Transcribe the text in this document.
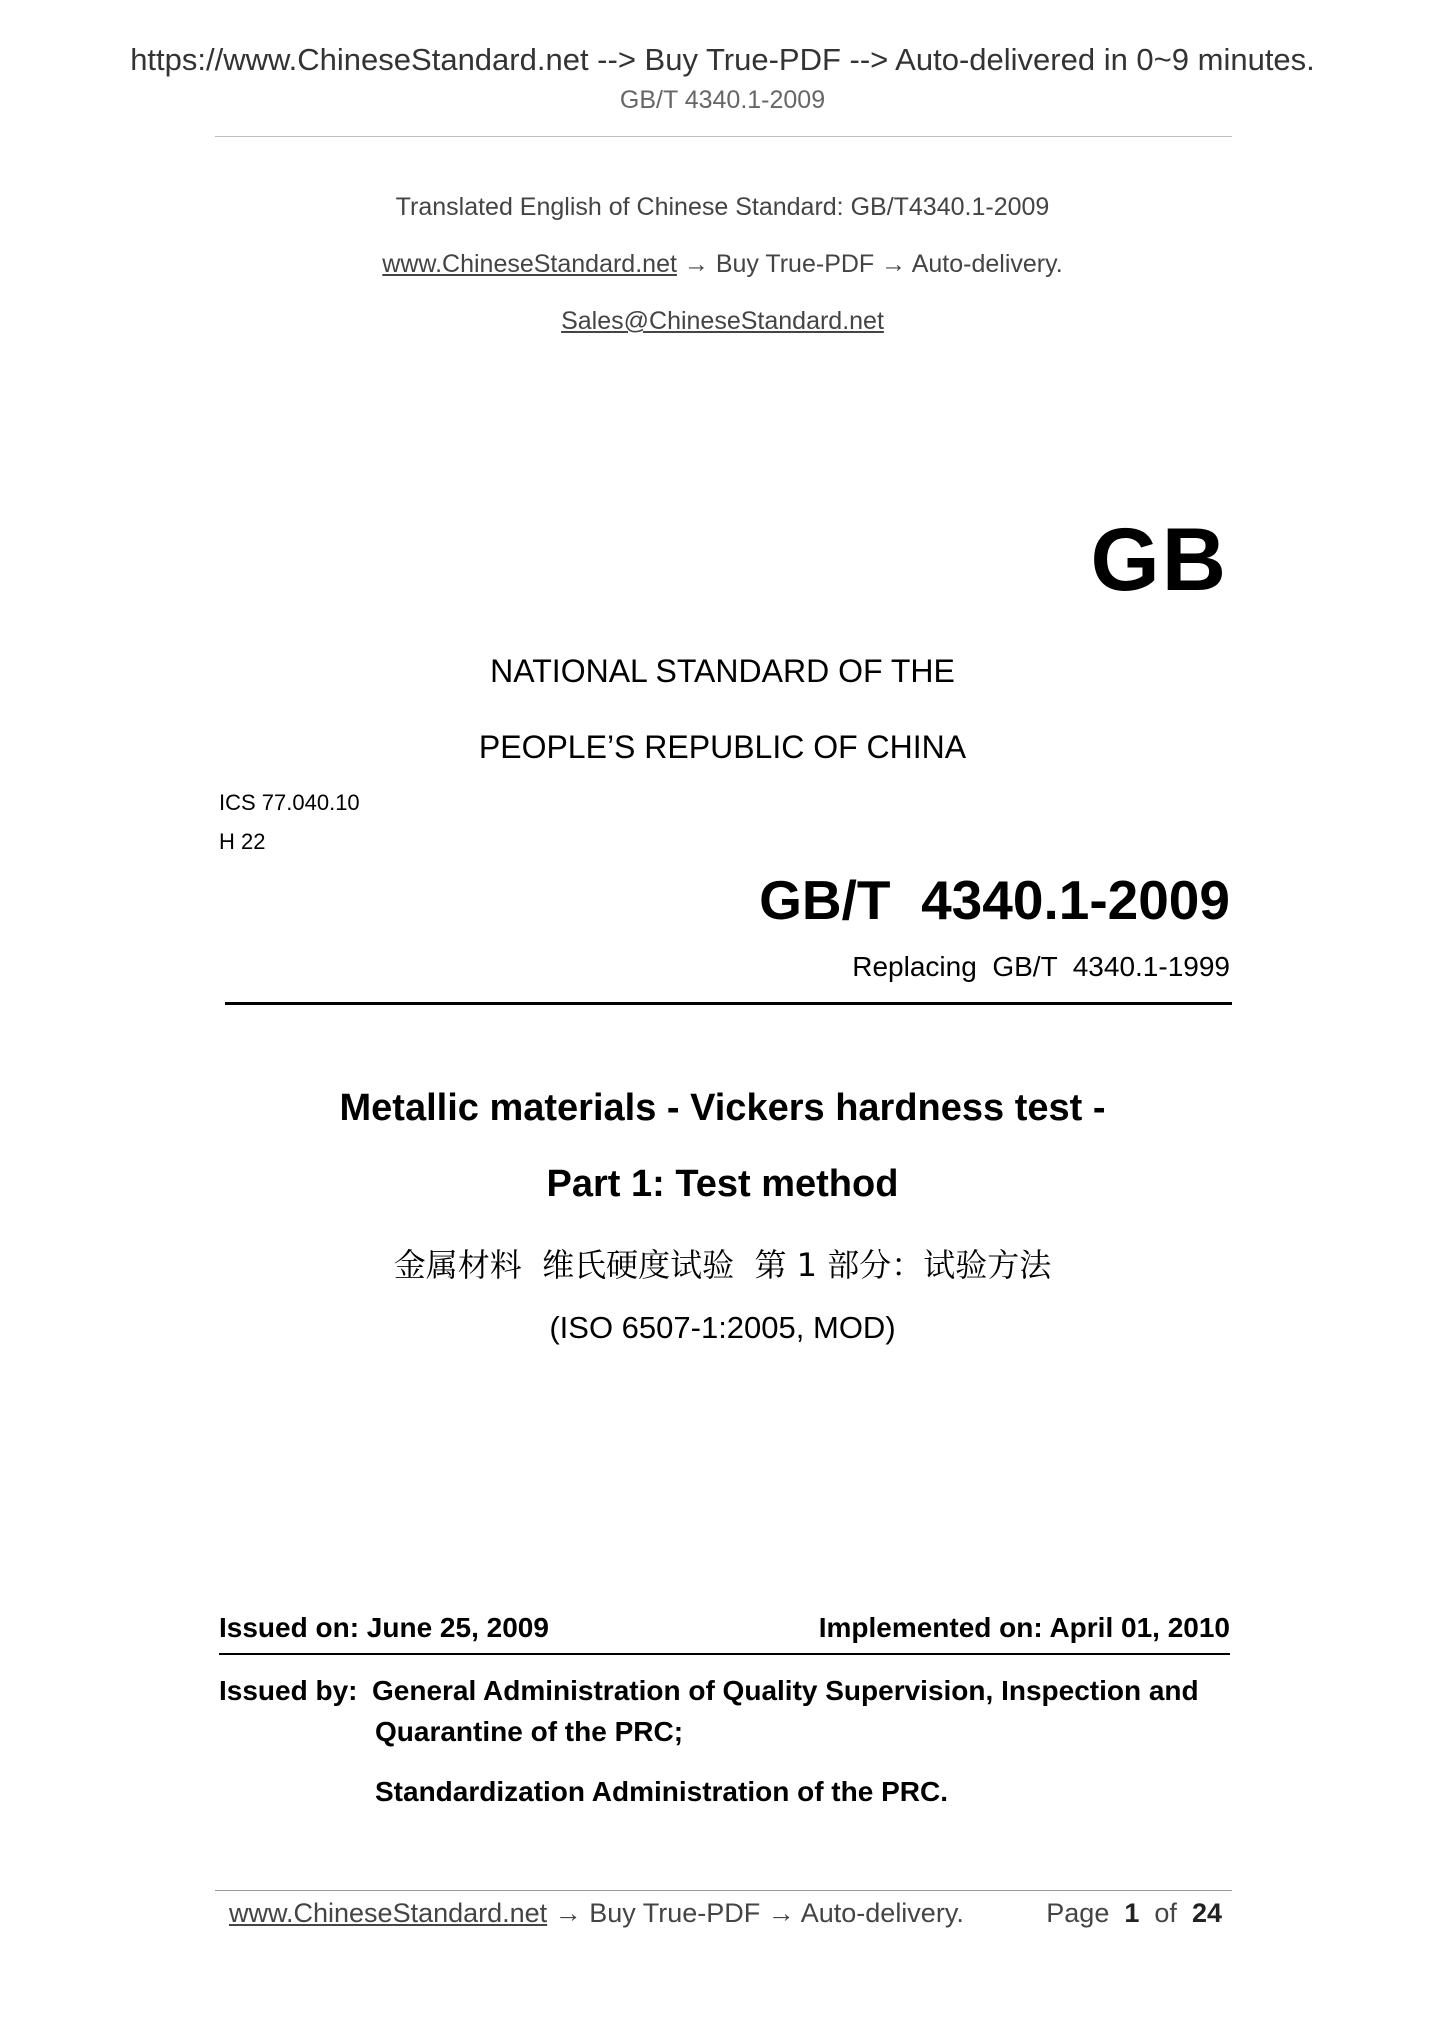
https://www.ChineseStandard.net --> Buy True-PDF --> Auto-delivered in 0~9 minutes.
GB/T 4340.1-2009
Translated English of Chinese Standard: GB/T4340.1-2009
www.ChineseStandard.net → Buy True-PDF → Auto-delivery.
Sales@ChineseStandard.net
GB
NATIONAL STANDARD OF THE
PEOPLE’S REPUBLIC OF CHINA
ICS 77.040.10
H 22
GB/T  4340.1-2009
Replacing  GB/T  4340.1-1999
Metallic materials - Vickers hardness test -
Part 1: Test method
金属材料  维氏硬度试验  第 1 部分：试验方法
(ISO 6507-1:2005, MOD)
Issued on: June 25, 2009	Implemented on: April 01, 2010
Issued by: General Administration of Quality Supervision, Inspection and
Quarantine of the PRC;
Standardization Administration of the PRC.
www.ChineseStandard.net → Buy True-PDF → Auto-delivery.	Page 1 of 24
